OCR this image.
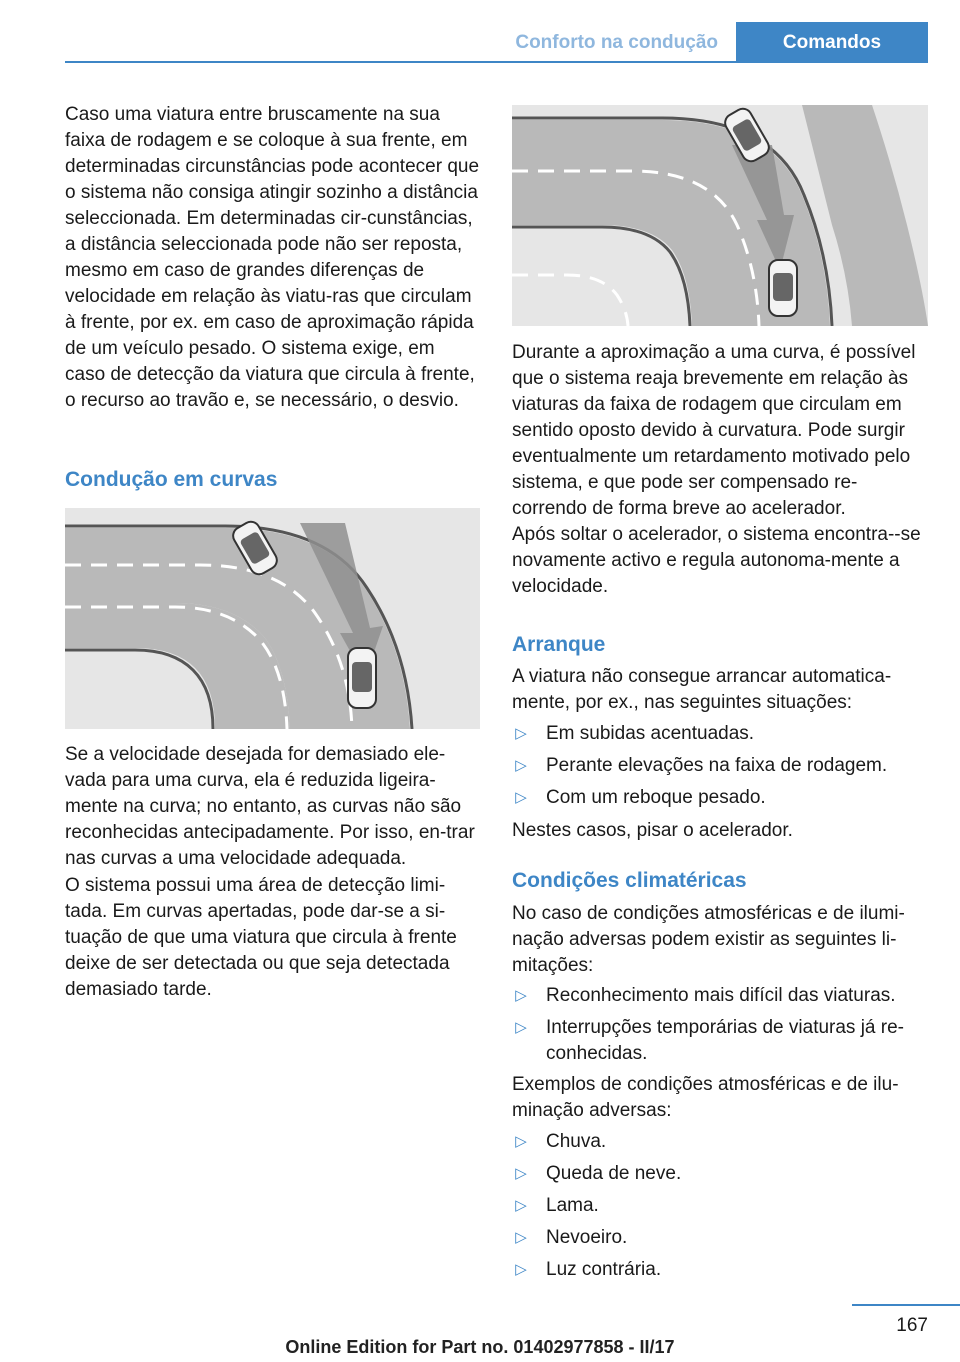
Conforto na condução	Comandos

Caso uma viatura entre bruscamente na sua faixa de rodagem e se coloque à sua frente, em determinadas circunstâncias pode acontecer que o sistema não consiga atingir sozinho a distância seleccionada. Em determinadas cir-cunstâncias, a distância seleccionada pode não ser reposta, mesmo em caso de grandes diferenças de velocidade em relação às viatu-ras que circulam à frente, por ex. em caso de aproximação rápida de um veículo pesado. O sistema exige, em caso de detecção da viatura que circula à frente, o recurso ao travão e, se necessário, o desvio.

Condução em curvas

Se a velocidade desejada for demasiado ele-vada para uma curva, ela é reduzida ligeira-mente na curva; no entanto, as curvas não são reconhecidas antecipadamente. Por isso, en-trar nas curvas a uma velocidade adequada.

O sistema possui uma área de detecção limi-tada. Em curvas apertadas, pode dar-se a si-tuação de que uma viatura que circula à frente deixe de ser detectada ou que seja detectada demasiado tarde.

Durante a aproximação a uma curva, é possível que o sistema reaja brevemente em relação às viaturas da faixa de rodagem que circulam em sentido oposto devido à curvatura. Pode surgir eventualmente um retardamento motivado pelo sistema, e que pode ser compensado re-correndo de forma breve ao acelerador.

Após soltar o acelerador, o sistema encontra--se novamente activo e regula autonoma-mente a velocidade.

Arranque

A viatura não consegue arrancar automatica-mente, por ex., nas seguintes situações:

▷ Em subidas acentuadas.
▷ Perante elevações na faixa de rodagem.
▷ Com um reboque pesado.

Nestes casos, pisar o acelerador.

Condições climatéricas

No caso de condições atmosféricas e de ilumi-nação adversas podem existir as seguintes li-mitações:

▷ Reconhecimento mais difícil das viaturas.
▷ Interrupções temporárias de viaturas já re-conhecidas.

Exemplos de condições atmosféricas e de ilu-minação adversas:

▷ Chuva.
▷ Queda de neve.
▷ Lama.
▷ Nevoeiro.
▷ Luz contrária.
167
Online Edition for Part no. 01402977858 - II/17
